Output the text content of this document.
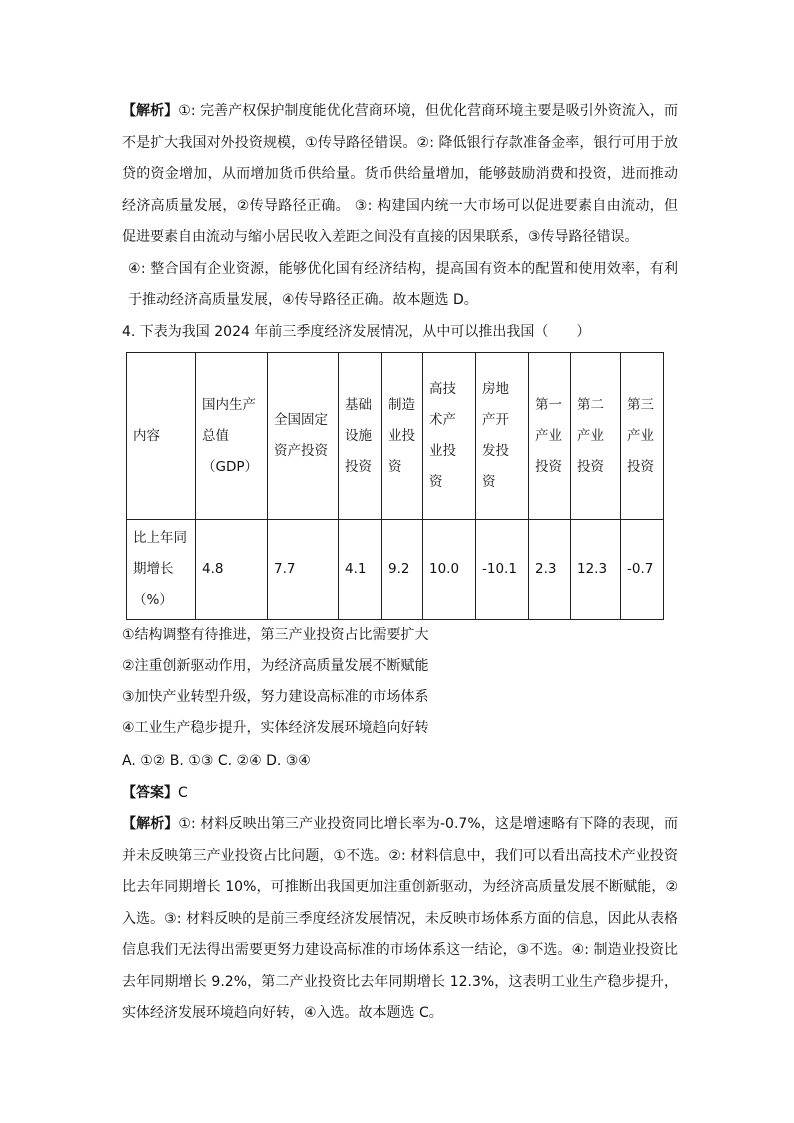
【解析】①: 完善产权保护制度能优化营商环境，但优化营商环境主要是吸引外资流入，而不是扩大我国对外投资规模，①传导路径错误。②: 降低银行存款准备金率，银行可用于放贷的资金增加，从而增加货币供给量。货币供给量增加，能够鼓励消费和投资，进而推动经济高质量发展，②传导路径正确。 ③: 构建国内统一大市场可以促进要素自由流动，但促进要素自由流动与缩小居民收入差距之间没有直接的因果联系，③传导路径错误。

④: 整合国有企业资源，能够优化国有经济结构，提高国有资本的配置和使用效率，有利于推动经济高质量发展，④传导路径正确。故本题选 D。

4. 下表为我国 2024 年前三季度经济发展情况，从中可以推出我国（　　）

内容	国内生产总值（GDP）	全国固定资产投资	基础设施投资	制造业投资	高技术产业投资	房地产开发投资	第一产业投资	第二产业投资	第三产业投资
比上年同期增长（%）	4.8	7.7	4.1	9.2	10.0	-10.1	2.3	12.3	-0.7

①结构调整有待推进，第三产业投资占比需要扩大

②注重创新驱动作用，为经济高质量发展不断赋能

③加快产业转型升级，努力建设高标准的市场体系

④工业生产稳步提升，实体经济发展环境趋向好转

A. ①② B. ①③ C. ②④ D. ③④

【答案】C

【解析】①: 材料反映出第三产业投资同比增长率为-0.7%，这是增速略有下降的表现，而并未反映第三产业投资占比问题，①不选。②: 材料信息中，我们可以看出高技术产业投资比去年同期增长 10%，可推断出我国更加注重创新驱动，为经济高质量发展不断赋能，②入选。③: 材料反映的是前三季度经济发展情况，未反映市场体系方面的信息，因此从表格信息我们无法得出需要更努力建设高标准的市场体系这一结论，③不选。④: 制造业投资比去年同期增长 9.2%，第二产业投资比去年同期增长 12.3%，这表明工业生产稳步提升，实体经济发展环境趋向好转，④入选。故本题选 C。
